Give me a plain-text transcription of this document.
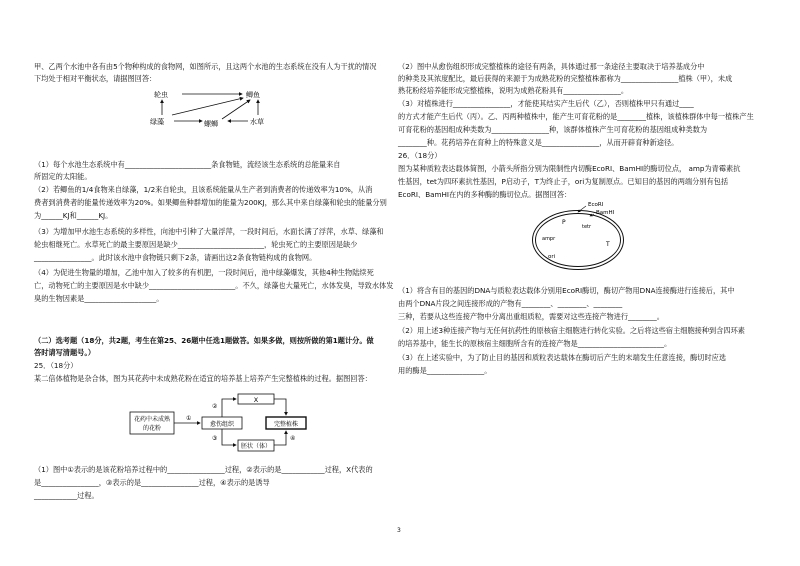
甲、乙两个水池中各有由5个物种构成的食物网，如图所示，且这两个水池的生态系统在没有人为干扰的情况
下均处于相对平衡状态，请据图回答：
轮虫	鲫鱼
绿藻	螺蛳	水草
（1）每个水池生态系统中有________________________条食物链，流经该生态系统的总能量来自
所固定的太阳能。
（2）若鲫鱼的1/4食物来自绿藻，1/2来自轮虫，且该系统能量从生产者到消费者的传递效率为10%，从消
费者到消费者的能量传递效率为20%。如果鲫鱼种群增加的能量为200KJ，那么其中来自绿藻和轮虫的能量分别
为______KJ和______KJ。
（3）为增加甲水池生态系统的多样性，向池中引种了大量浮萍，一段时间后，水面长满了浮萍，水草、绿藻和
轮虫相继死亡。水草死亡的最主要原因是缺少________________________，轮虫死亡的主要原因是缺少
________________。此时该水池中食物链只剩下2条，请画出这2条食物链构成的食物网。
（4）为促进生物量的增加，乙池中加入了较多的有机肥，一段时间后，池中绿藻爆发，其他4种生物陆续死
亡，动物死亡的主要原因是水中缺少________________________。不久，绿藻也大量死亡，水体发臭，导致水体发
臭的生物因素是____________________。
（二）选考题（18分，共2题，考生在第25、26题中任选1题做答。如果多做，则按所做的第1题计分。做
答时请写清题号。）
25．（18分）
某二倍体植物是杂合体，图为其花药中未成熟花粉在适宜的培养基上培养产生完整植株的过程。据图回答：
花药中未成熟
的花粉
愈伤组织	完整植株
X
胚状（体）
①
②
③	④
（1）图中①表示的是该花粉培养过程中的________________过程，②表示的是____________过程，X代表的
是________________，③表示的是________________过程，④表示的是诱导
____________过程。
（2）图中从愈伤组织形成完整植株的途径有两条，具体通过那一条途径主要取决于培养基成分中
的种类及其浓度配比，最后获得的来源于为成熟花粉的完整植株都称为________________植株（甲），未成
熟花粉经培养能形成完整植株，说明为成熟花粉具有________________。
（3）对植株进行________________，才能使其结实产生后代（乙），否则植株甲只有通过____
的方式才能产生后代（丙）。乙、丙两种植株中，能产生可育花粉的是________植株，该植株群体中每一植株产生
可育花粉的基因组成种类数为________________种，该群体植株产生可育花粉的基因组成种类数为
________种。花药培养在育种上的特殊意义是________________，从而开辟育种新途径。
26．（18分）
图为某种质粒表达载体简图，小箭头所指分别为限制性内切酶EcoRⅠ、BamHⅠ的酶切位点， amp为青霉素抗
性基因，tet为四环素抗性基因，P启动子，T为终止子，ori为复制原点。已知目的基因的两端分别有包括
EcoRⅠ、BamHⅠ在内的多种酶的酶切位点。据图回答：
EcoRⅠ
BamHⅠ
P
tetr
ampr
T
ori
（1）将含有目的基因的DNA与质粒表达载体分别用EcoRⅠ酶切，酶切产物用DNA连接酶进行连接后，其中
由两个DNA片段之间连接形成的产物有________、________、________
三种，若要从这些连接产物中分离出重组质粒，需要对这些连接产物进行________。
（2）用上述3种连接产物与无任何抗药性的原核宿主细胞进行转化实验。之后将这些宿主细胞接种到含四环素
的培养基中，能生长的原核宿主细胞所含有的连接产物是________________________。
（3）在上述实验中，为了防止目的基因和质粒表达载体在酶切后产生的末端发生任意连接，酶切时应选
用的酶是________________。
3
